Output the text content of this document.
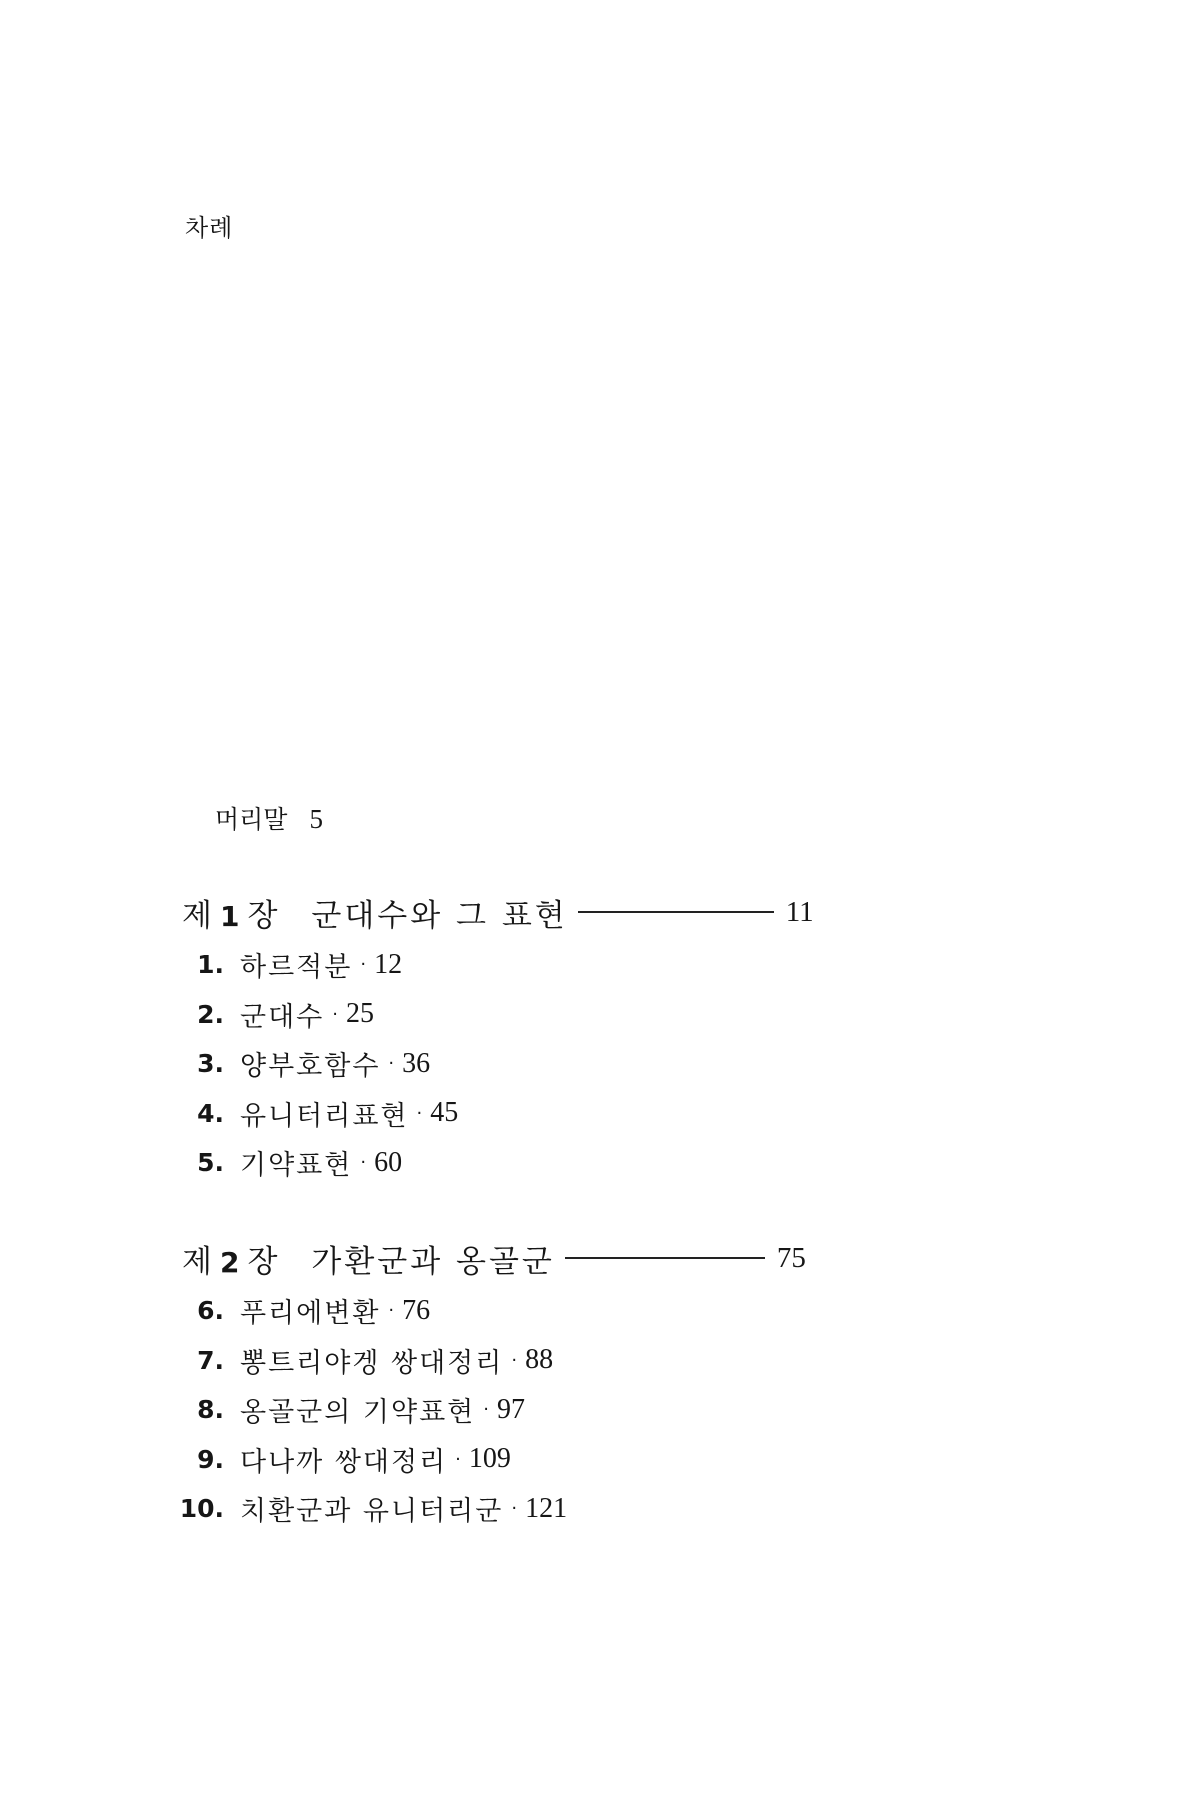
차례
머리말 5
제 1 장 군대수와 그 표현	11
1. 하르적분 · 12
2. 군대수 · 25
3. 양부호함수 · 36
4. 유니터리표현 · 45
5. 기약표현 · 60
제 2 장 가환군과 옹골군	75
6. 푸리에변환 · 76
7. 뽕트리야겡 쌍대정리 · 88
8. 옹골군의 기약표현 · 97
9. 다나까 쌍대정리 · 109
10. 치환군과 유니터리군 · 121
